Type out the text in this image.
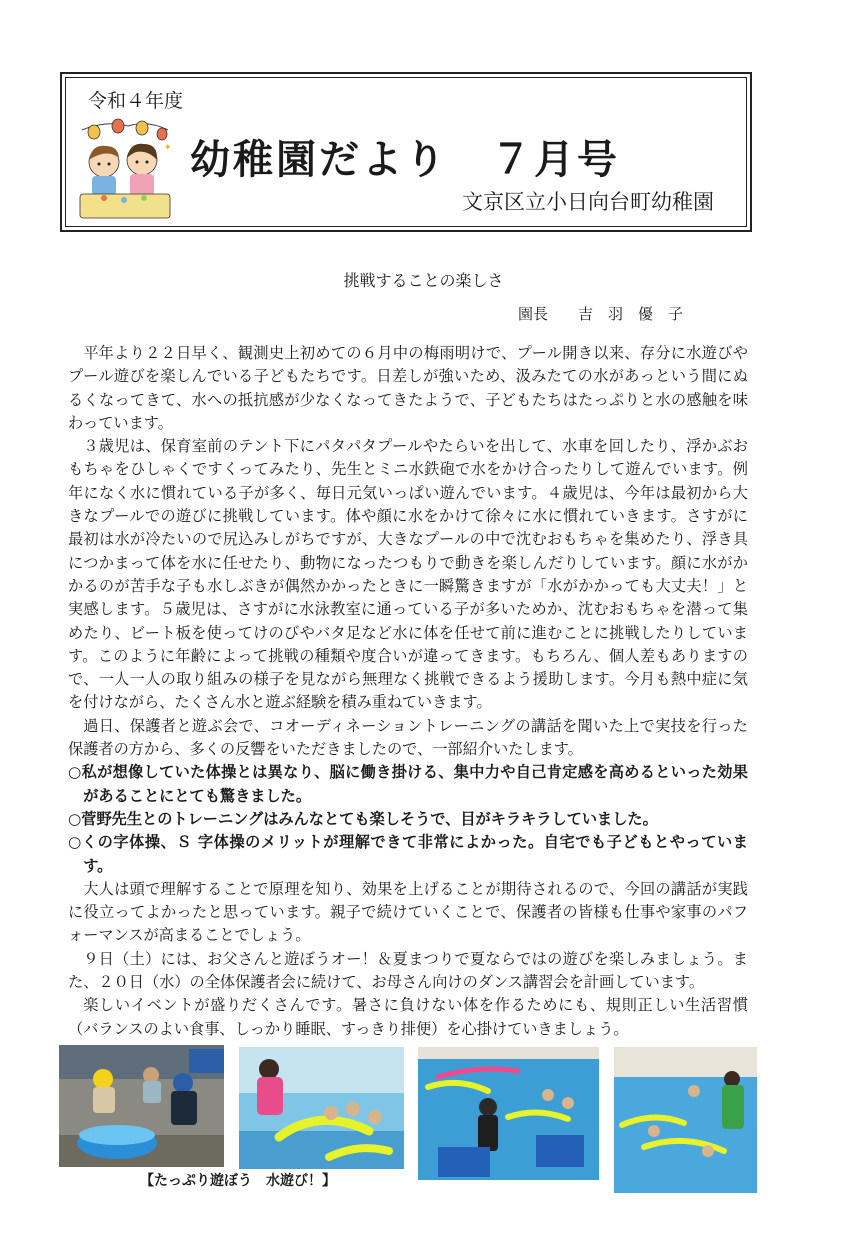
令和４年度
✦ 幼稚園だより　７月号
文京区立小日向台町幼稚園
挑戦することの楽しさ
園長　　吉　羽　優　子

平年より２２日早く、観測史上初めての６月中の梅雨明けで、プール開き以来、存分に水遊びやプール遊びを楽しんでいる子どもたちです。日差しが強いため、汲みたての水があっという間にぬるくなってきて、水への抵抗感が少なくなってきたようで、子どもたちはたっぷりと水の感触を味わっています。

３歳児は、保育室前のテント下にパタパタプールやたらいを出して、水車を回したり、浮かぶおもちゃをひしゃくですくってみたり、先生とミニ水鉄砲で水をかけ合ったりして遊んでいます。例年になく水に慣れている子が多く、毎日元気いっぱい遊んでいます。４歳児は、今年は最初から大きなプールでの遊びに挑戦しています。体や顔に水をかけて徐々に水に慣れていきます。さすがに最初は水が冷たいので尻込みしがちですが、大きなプールの中で沈むおもちゃを集めたり、浮き具につかまって体を水に任せたり、動物になったつもりで動きを楽しんだりしています。顔に水がかかるのが苦手な子も水しぶきが偶然かかったときに一瞬驚きますが「水がかかっても大丈夫！」と実感します。５歳児は、さすがに水泳教室に通っている子が多いためか、沈むおもちゃを潜って集めたり、ビート板を使ってけのびやバタ足など水に体を任せて前に進むことに挑戦したりしています。このように年齢によって挑戦の種類や度合いが違ってきます。もちろん、個人差もありますので、一人一人の取り組みの様子を見ながら無理なく挑戦できるよう援助します。今月も熱中症に気を付けながら、たくさん水と遊ぶ経験を積み重ねていきます。

過日、保護者と遊ぶ会で、コオーディネーショントレーニングの講話を聞いた上で実技を行った保護者の方から、多くの反響をいただきましたので、一部紹介いたします。

○私が想像していた体操とは異なり、脳に働き掛ける、集中力や自己肯定感を高めるといった効果があることにとても驚きました。

○菅野先生とのトレーニングはみんなとても楽しそうで、目がキラキラしていました。

○くの字体操、Ｓ 字体操のメリットが理解できて非常によかった。自宅でも子どもとやっています。

大人は頭で理解することで原理を知り、効果を上げることが期待されるので、今回の講話が実践に役立ってよかったと思っています。親子で続けていくことで、保護者の皆様も仕事や家事のパフォーマンスが高まることでしょう。

９日（土）には、お父さんと遊ぼうオー！＆夏まつりで夏ならではの遊びを楽しみましょう。また、２０日（水）の全体保護者会に続けて、お母さん向けのダンス講習会を計画しています。

楽しいイベントが盛りだくさんです。暑さに負けない体を作るためにも、規則正しい生活習慣（バランスのよい食事、しっかり睡眠、すっきり排便）を心掛けていきましょう。

【たっぷり遊ぼう　水遊び！】
